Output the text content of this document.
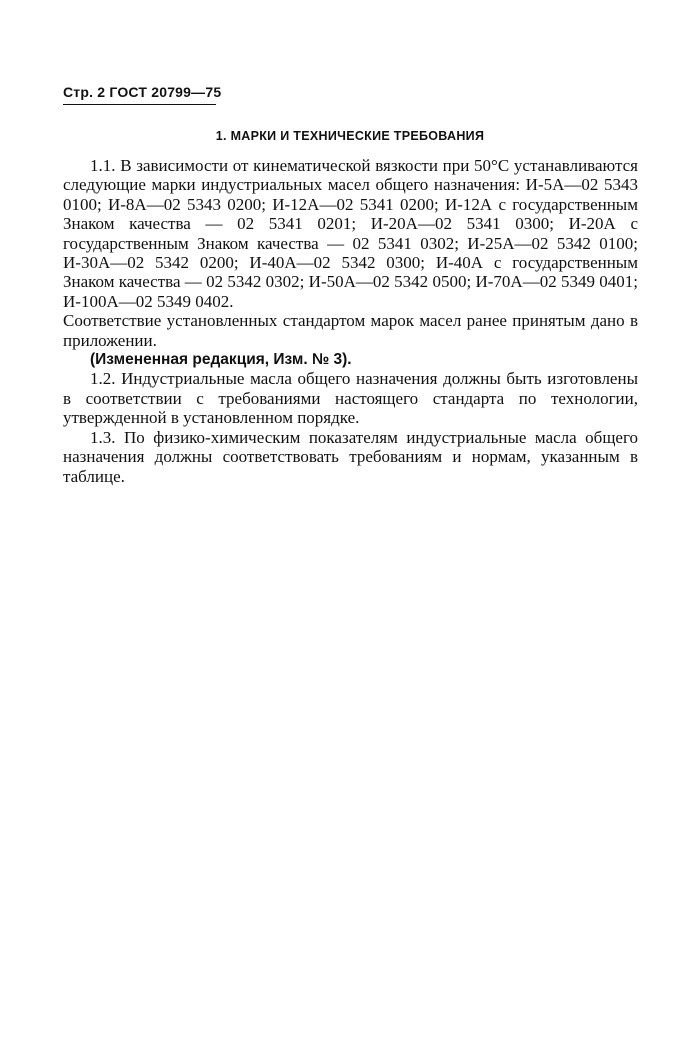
Стр. 2 ГОСТ 20799—75
1. МАРКИ И ТЕХНИЧЕСКИЕ ТРЕБОВАНИЯ

1.1. В зависимости от кинематической вязкости при 50°С устанавливаются следующие марки индустриальных масел общего назначения: И-5А—02 5343 0100; И-8А—02 5343 0200; И-12А—02 5341 0200; И-12А с государственным Знаком качества — 02 5341 0201; И-20А—02 5341 0300; И-20А с государственным Знаком качества — 02 5341 0302; И-25А—02 5342 0100; И-30А—02 5342 0200; И-40А—02 5342 0300; И-40А с государственным Знаком качества — 02 5342 0302; И-50А—02 5342 0500; И-70А—02 5349 0401; И-100А—02 5349 0402.

Соответствие установленных стандартом марок масел ранее принятым дано в приложении.

(Измененная редакция, Изм. № 3).

1.2. Индустриальные масла общего назначения должны быть изготовлены в соответствии с требованиями настоящего стандарта по технологии, утвержденной в установленном порядке.

1.3. По физико-химическим показателям индустриальные масла общего назначения должны соответствовать требованиям и нормам, указанным в таблице.
